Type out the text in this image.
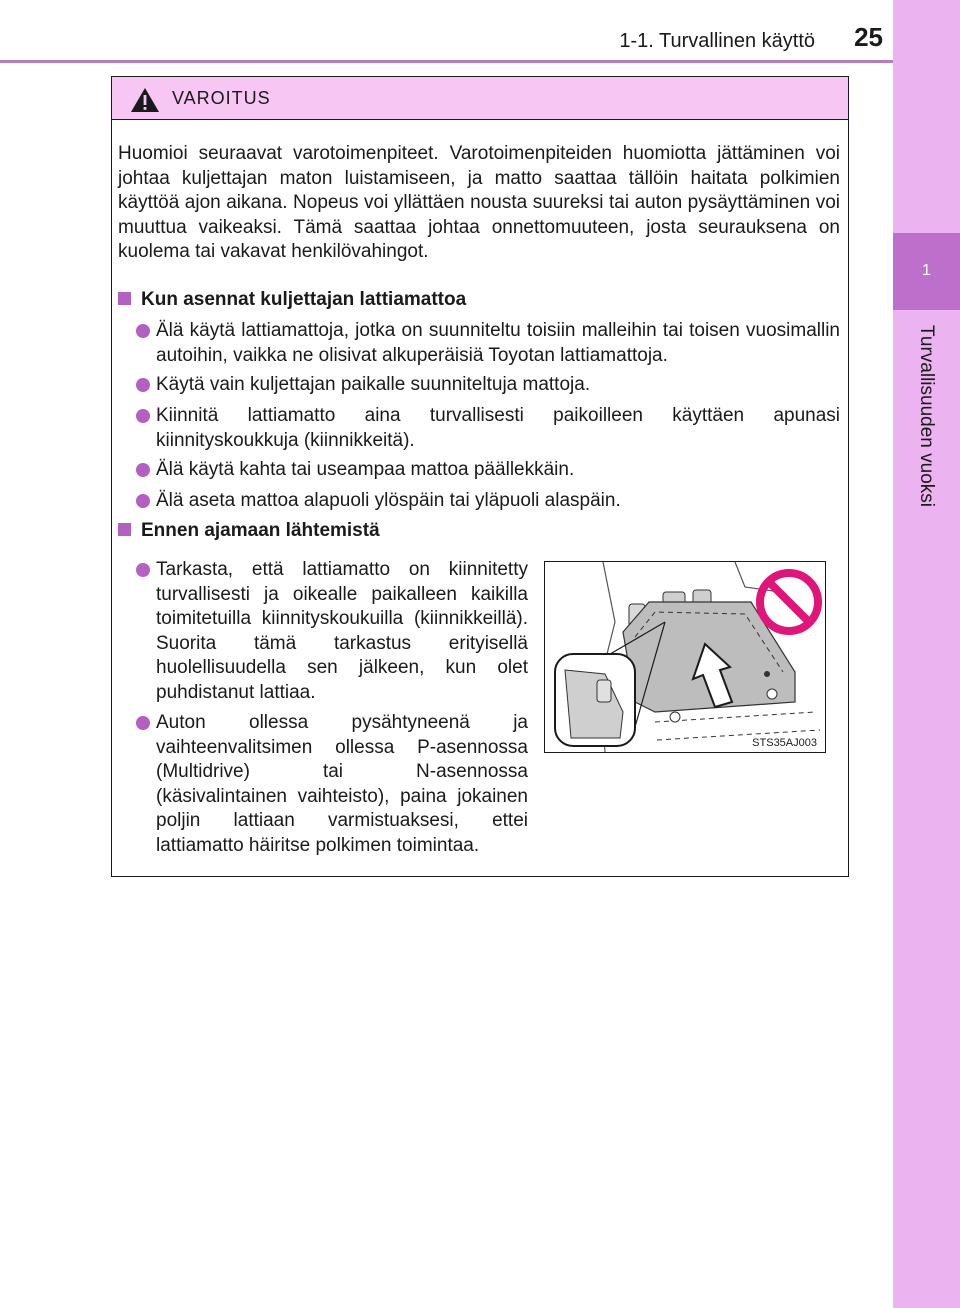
1-1. Turvallinen käyttö 25
1
Turvallisuuden vuoksi
VAROITUS
Huomioi seuraavat varotoimenpiteet. Varotoimenpiteiden huomiotta jättäminen voi johtaa kuljettajan maton luistamiseen, ja matto saattaa tällöin haitata polkimien käyttöä ajon aikana. Nopeus voi yllättäen nousta suureksi tai auton pysäyttäminen voi muuttua vaikeaksi. Tämä saattaa johtaa onnettomuuteen, josta seurauksena on kuolema tai vakavat henkilövahingot.
Kun asennat kuljettajan lattiamattoa
Älä käytä lattiamattoja, jotka on suunniteltu toisiin malleihin tai toisen vuosimallin autoihin, vaikka ne olisivat alkuperäisiä Toyotan lattiamattoja.
Käytä vain kuljettajan paikalle suunniteltuja mattoja.
Kiinnitä lattiamatto aina turvallisesti paikoilleen käyttäen apunasi kiinnityskoukkuja (kiinnikkeitä).
Älä käytä kahta tai useampaa mattoa päällekkäin.
Älä aseta mattoa alapuoli ylöspäin tai yläpuoli alaspäin.
Ennen ajamaan lähtemistä
Tarkasta, että lattiamatto on kiinnitetty turvallisesti ja oikealle paikalleen kaikilla toimitetuilla kiinnityskoukuilla (kiinnikkeillä). Suorita tämä tarkastus erityisellä huolellisuudella sen jälkeen, kun olet puhdistanut lattiaa.
Auton ollessa pysähtyneenä ja vaihteenvalitsimen ollessa P-asennossa (Multidrive) tai N-asennossa (käsivalintainen vaihteisto), paina jokainen poljin lattiaan varmistuaksesi, ettei lattiamatto häiritse polkimen toimintaa.
STS35AJ003
